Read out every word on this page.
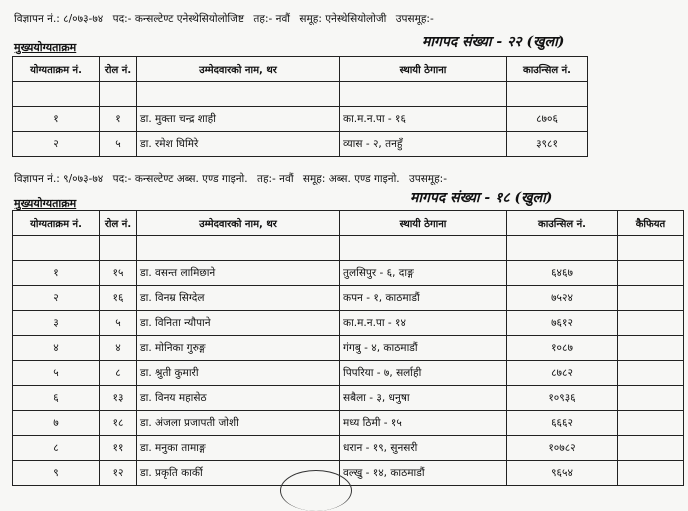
विज्ञापन नं.: ८/०७३-७४ पद:- कन्सल्टेण्ट एनेस्थेसियोलोजिष्ट तह:- नवौं समूह: एनेस्थेसियोलोजी उपसमूह:-
मुख्ययोग्यताक्रम	मागपद संख्या - २२ (खुला)
योग्यताक्रम नं.	रोल नं.	उम्मेदवारको नाम, थर	स्थायी ठेगाना	काउन्सिल नं.

१	१	डा. मुक्ता चन्द्र शाही	का.म.न.पा - १६	८७०६
२	५	डा. रमेश घिमिरे	व्यास - २, तनहुँ	३९८१
विज्ञापन नं.: ९/०७३-७४ पद:- कन्सल्टेण्ट अब्स. एण्ड गाइनो. तह:- नवौं समूह: अब्स. एण्ड गाइनो. उपसमूह:-
मुख्ययोग्यताक्रम	मागपद संख्या - १८ (खुला)
योग्यताक्रम नं.	रोल नं.	उम्मेदवारको नाम, थर	स्थायी ठेगाना	काउन्सिल नं.	कैफियत

१	१५	डा. वसन्त लामिछाने	तुलसिपुर - ६, दाङ्ग	६४६७	
२	१६	डा. विनम्र सिग्देल	कपन - १, काठमाडौं	७५२४	
३	५	डा. विनिता न्यौपाने	का.म.न.पा - १४	७६१२	
४	४	डा. मोनिका गुरुङ्ग	गंगबु - ४, काठमाडौं	१०८७	
५	८	डा. श्रुती कुमारी	पिपरिया - ७, सर्लाही	८७८२	
६	१३	डा. विनय महासेठ	सबैला - ३, धनुषा	१०९३६	
७	१८	डा. अंजला प्रजापती जोशी	मध्य ठिमी - १५	६६६२	
८	११	डा. मनुका तामाङ्ग	धरान - १९, सुनसरी	१०७८२	
९	१२	डा. प्रकृति कार्की	वल्खु - १४, काठमाडौं	९६५४	
